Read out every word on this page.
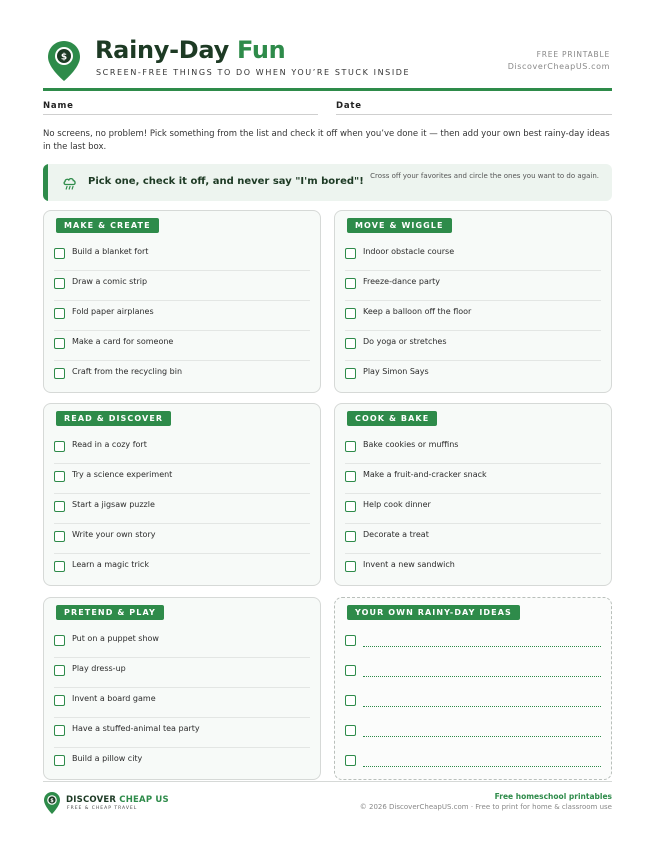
$ Rainy-Day Fun
SCREEN-FREE THINGS TO DO WHEN YOU’RE STUCK INSIDE
FREE PRINTABLE
DiscoverCheapUS.com
Name	Date
No screens, no problem! Pick something from the list and check it off when you’ve done it — then add your own best rainy-day ideas in the last box.
Pick one, check it off, and never say "I'm bored"! Cross off your favorites and circle the ones you want to do again.
MAKE & CREATE
Build a blanket fort
Draw a comic strip
Fold paper airplanes
Make a card for someone
Craft from the recycling bin
MOVE & WIGGLE
Indoor obstacle course
Freeze-dance party
Keep a balloon off the floor
Do yoga or stretches
Play Simon Says
READ & DISCOVER
Read in a cozy fort
Try a science experiment
Start a jigsaw puzzle
Write your own story
Learn a magic trick
COOK & BAKE
Bake cookies or muffins
Make a fruit-and-cracker snack
Help cook dinner
Decorate a treat
Invent a new sandwich
PRETEND & PLAY
Put on a puppet show
Play dress-up
Invent a board game
Have a stuffed-animal tea party
Build a pillow city
YOUR OWN RAINY-DAY IDEAS
$ DISCOVER CHEAP US
FREE & CHEAP TRAVEL
Free homeschool printables
© 2026 DiscoverCheapUS.com · Free to print for home & classroom use
